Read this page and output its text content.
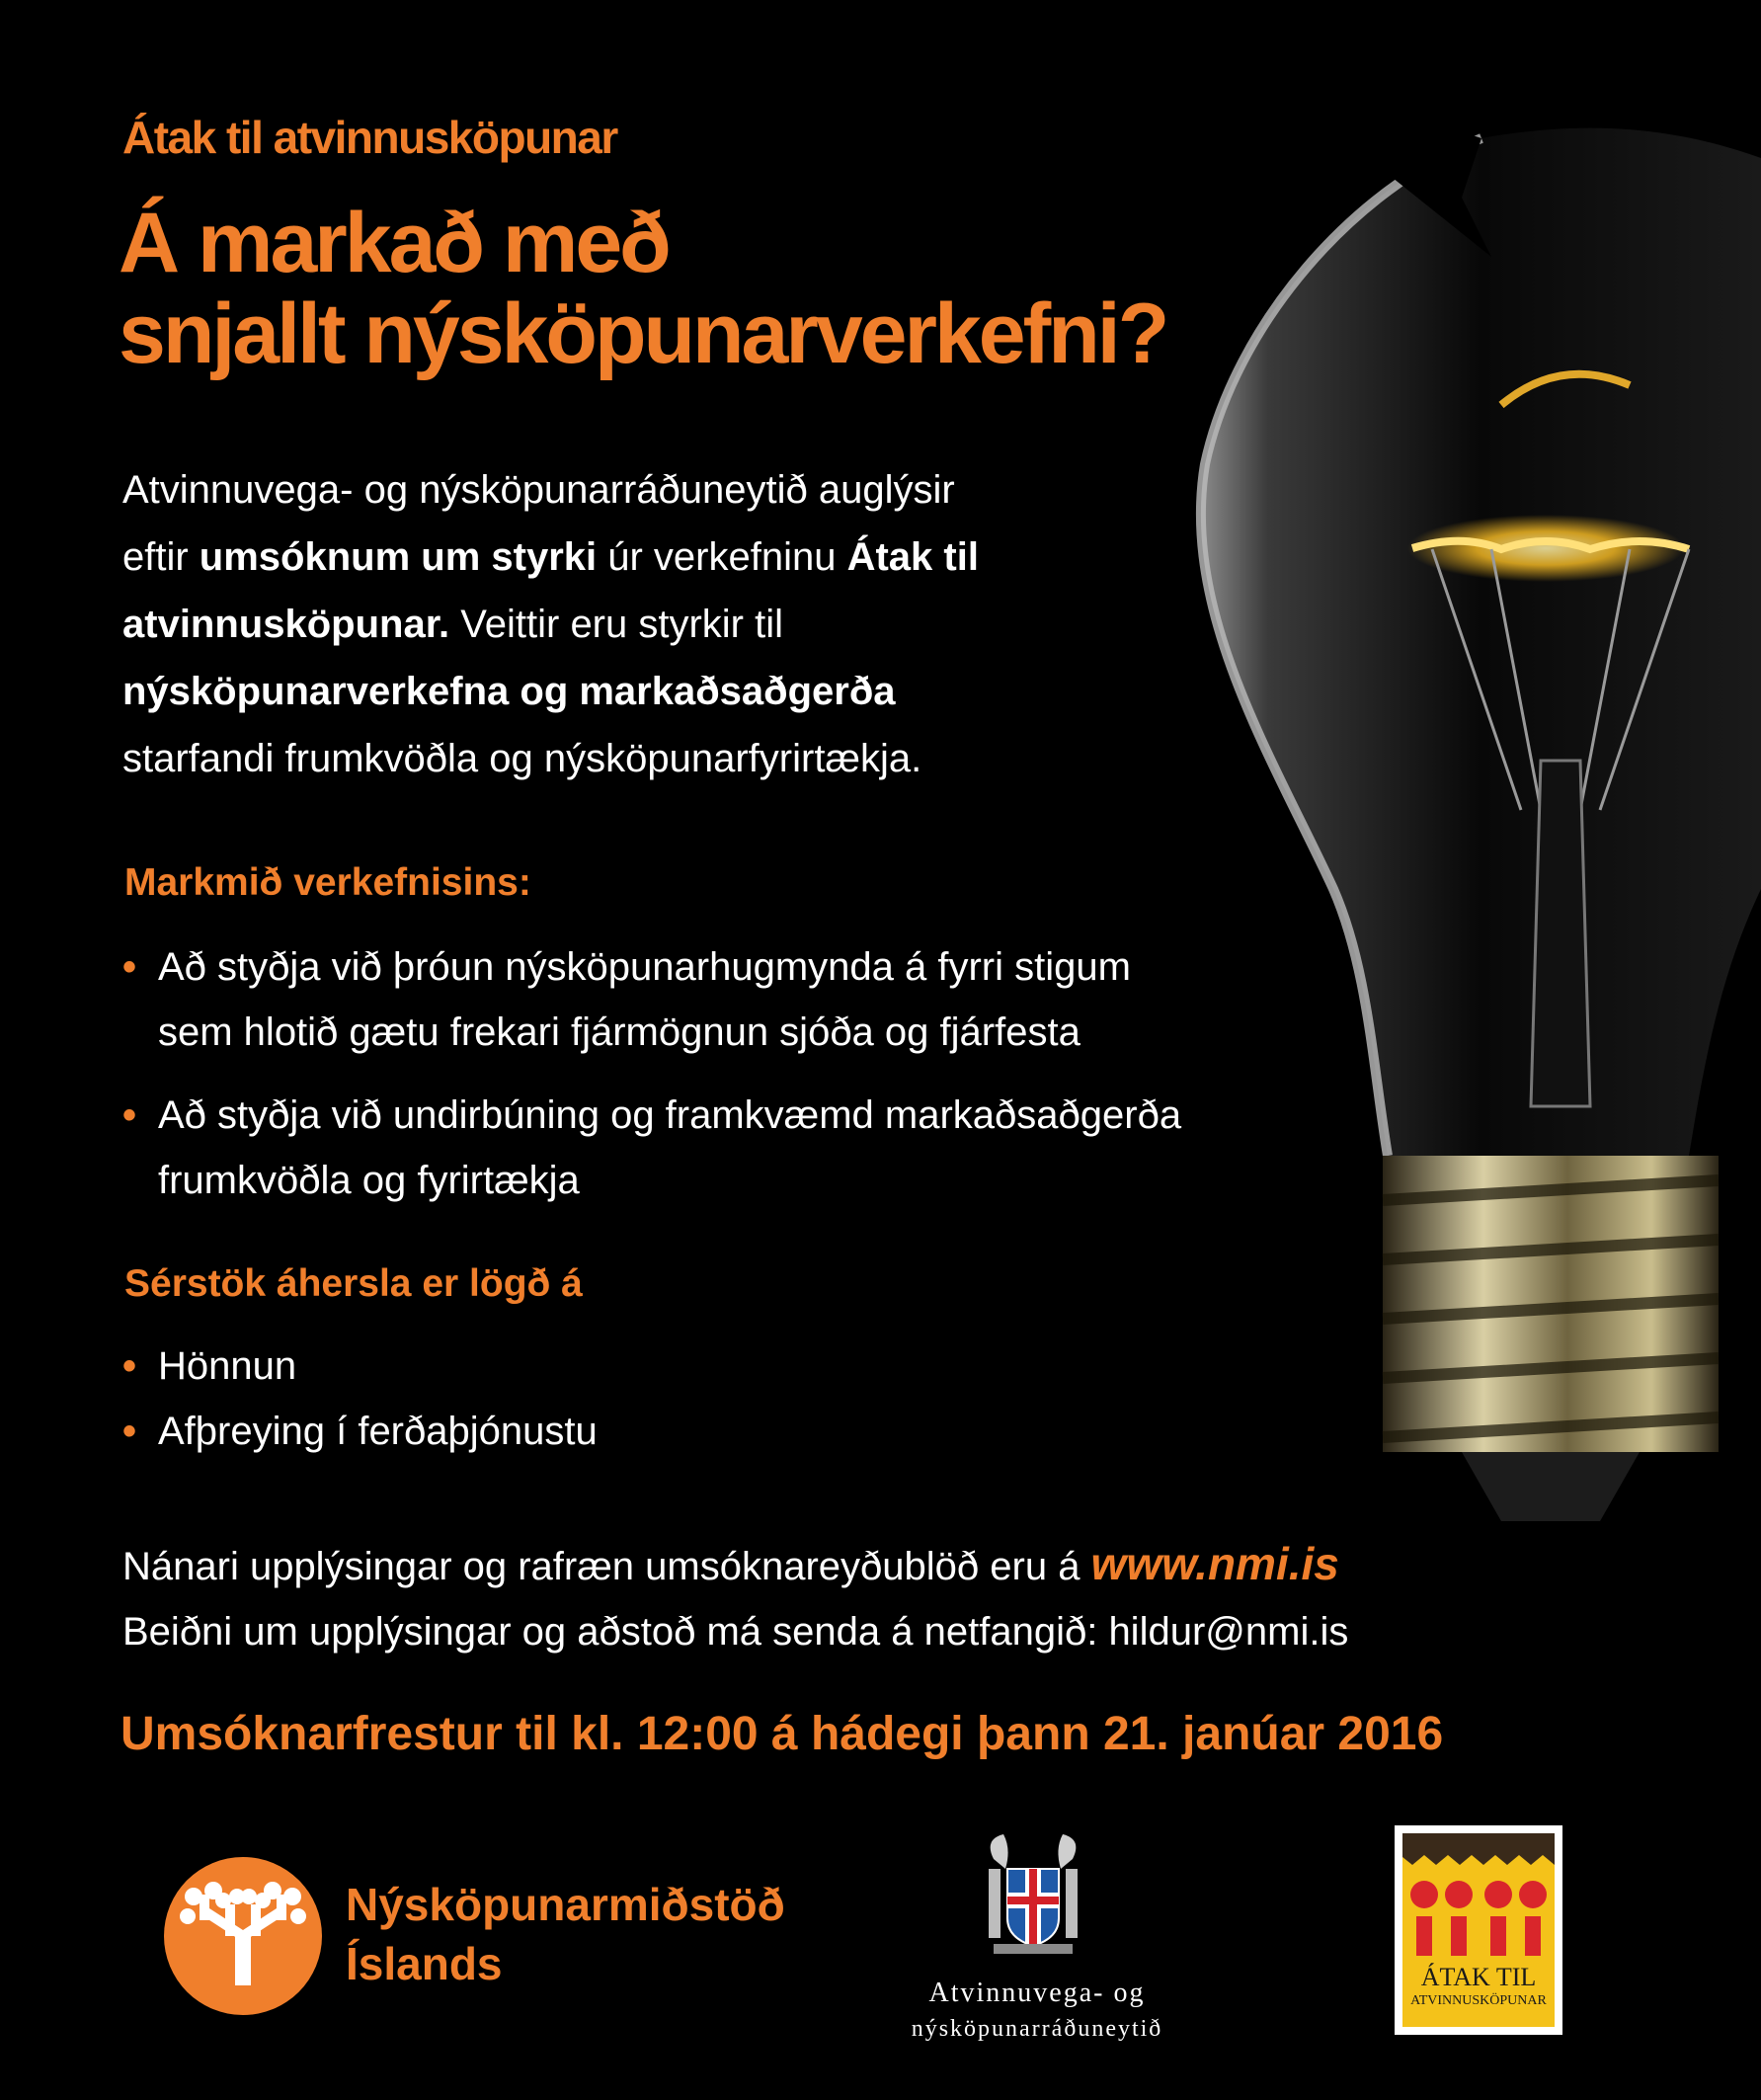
Átak til atvinnusköpunar
Á markað með
snjallt nýsköpunarverkefni?
Atvinnuvega- og nýsköpunarráðuneytið auglýsir
eftir umsóknum um styrki úr verkefninu Átak til
atvinnusköpunar. Veittir eru styrkir til
nýsköpunarverkefna og markaðsaðgerða
starfandi frumkvöðla og nýsköpunarfyrirtækja.
Markmið verkefnisins:
• Að styðja við þróun nýsköpunarhugmynda á fyrri stigum
sem hlotið gætu frekari fjármögnun sjóða og fjárfesta
• Að styðja við undirbúning og framkvæmd markaðsaðgerða
frumkvöðla og fyrirtækja
Sérstök áhersla er lögð á
• Hönnun
• Afþreying í ferðaþjónustu
Nánari upplýsingar og rafræn umsóknareyðublöð eru á www.nmi.is
Beiðni um upplýsingar og aðstoð má senda á netfangið: hildur@nmi.is
Umsóknarfrestur til kl. 12:00 á hádegi þann 21. janúar 2016
Nýsköpunarmiðstöð
Íslands
Atvinnuvega- og
nýsköpunarráðuneytið
ÁTAK TIL
ATVINNUSKÖPUNAR
